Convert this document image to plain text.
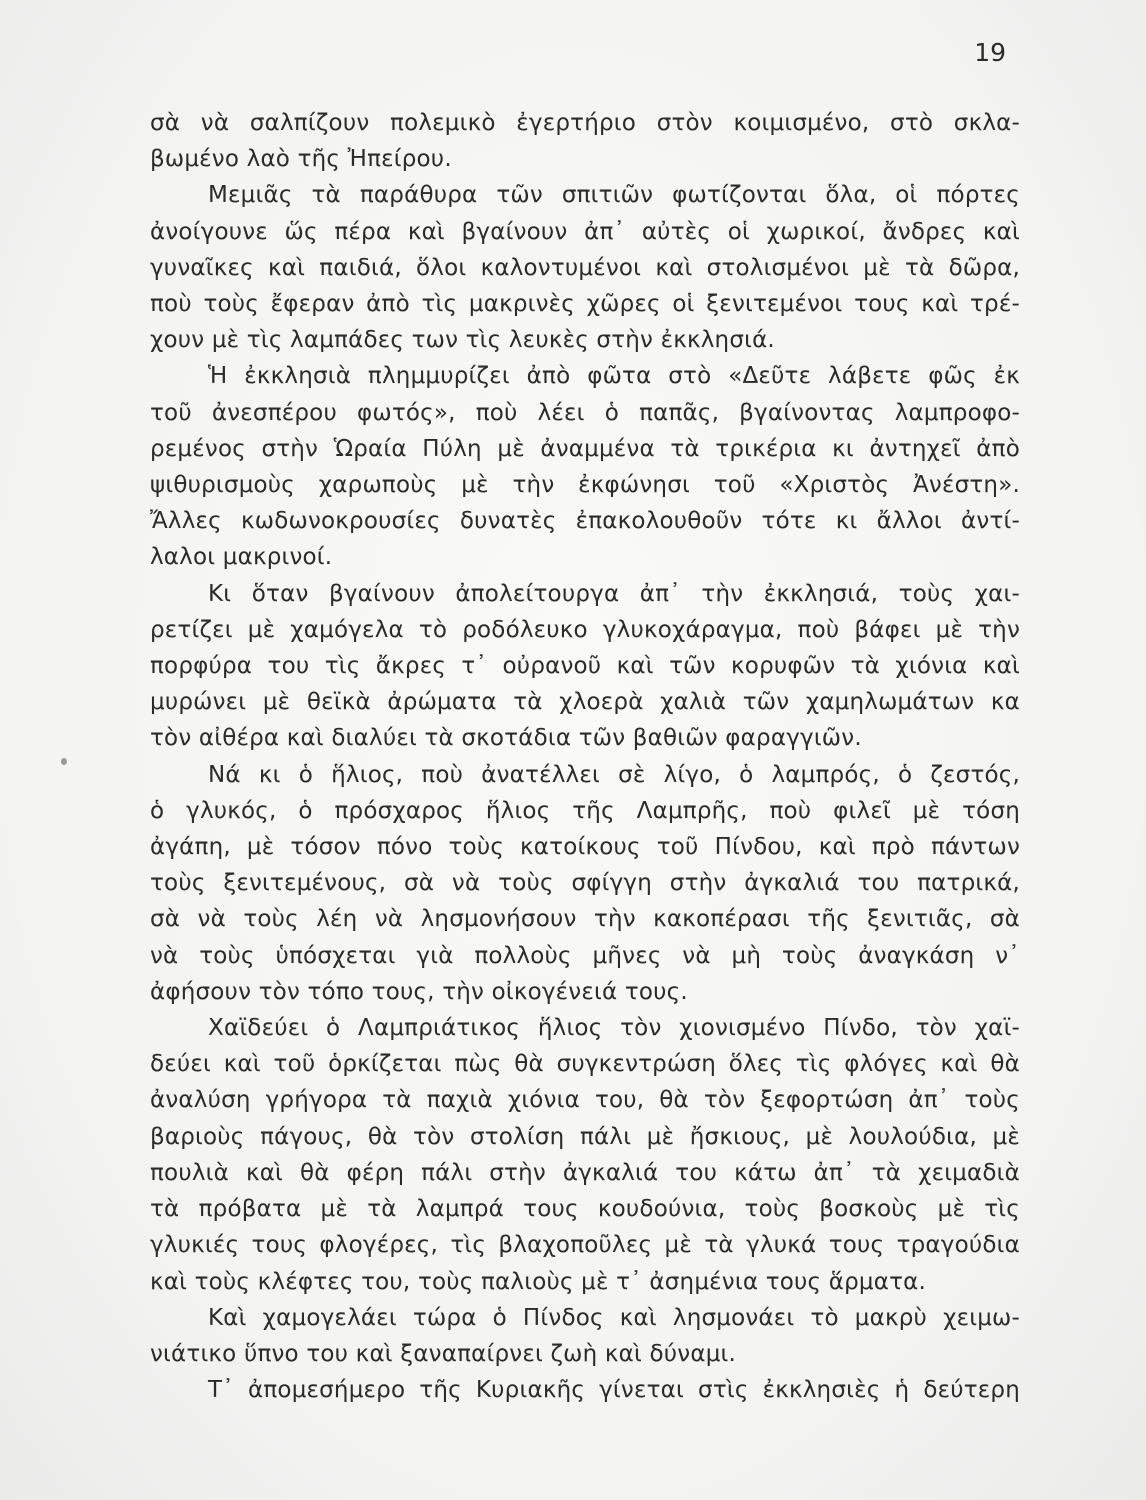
19
σὰ νὰ σαλπίζουν πολεμικὸ ἐγερτήριο στὸν κοιμισμένο, στὸ σκλα-
βωμένο λαὸ τῆς Ἠπείρου.
Μεμιᾶς τὰ παράθυρα τῶν σπιτιῶν φωτίζονται ὅλα, οἱ πόρτες
ἀνοίγουνε ὥς πέρα καὶ βγαίνουν ἀπ᾽ αὐτὲς οἱ χωρικοί, ἄνδρες καὶ
γυναῖκες καὶ παιδιά, ὅλοι καλοντυμένοι καὶ στολισμένοι μὲ τὰ δῶρα,
ποὺ τοὺς ἔφεραν ἀπὸ τὶς μακρινὲς χῶρες οἱ ξενιτεμένοι τους καὶ τρέ-
χουν μὲ τὶς λαμπάδες των τὶς λευκὲς στὴν ἐκκλησιά.
Ἡ ἐκκλησιὰ πλημμυρίζει ἀπὸ φῶτα στὸ «Δεῦτε λάβετε φῶς ἐκ
τοῦ ἀνεσπέρου φωτός», ποὺ λέει ὁ παπᾶς, βγαίνοντας λαμπροφο-
ρεμένος στὴν Ὡραία Πύλη μὲ ἀναμμένα τὰ τρικέρια κι ἀντηχεῖ ἀπὸ
ψιθυρισμοὺς χαρωποὺς μὲ τὴν ἐκφώνησι τοῦ «Χριστὸς Ἀνέστη».
Ἄλλες κωδωνοκρουσίες δυνατὲς ἐπακολουθοῦν τότε κι ἄλλοι ἀντί-
λαλοι μακρινοί.
Κι ὅταν βγαίνουν ἀπολείτουργα ἀπ᾽ τὴν ἐκκλησιά, τοὺς χαι-
ρετίζει μὲ χαμόγελα τὸ ροδόλευκο γλυκοχάραγμα, ποὺ βάφει μὲ τὴν
πορφύρα του τὶς ἄκρες τ᾽ οὐρανοῦ καὶ τῶν κορυφῶν τὰ χιόνια καὶ
μυρώνει μὲ θεϊκὰ ἀρώματα τὰ χλοερὰ χαλιὰ τῶν χαμηλωμάτων κα
τὸν αἰθέρα καὶ διαλύει τὰ σκοτάδια τῶν βαθιῶν φαραγγιῶν.
Νά κι ὁ ἥλιος, ποὺ ἀνατέλλει σὲ λίγο, ὁ λαμπρός, ὁ ζεστός,
ὁ γλυκός, ὁ πρόσχαρος ἥλιος τῆς Λαμπρῆς, ποὺ φιλεῖ μὲ τόση
ἀγάπη, μὲ τόσον πόνο τοὺς κατοίκους τοῦ Πίνδου, καὶ πρὸ πάντων
τοὺς ξενιτεμένους, σὰ νὰ τοὺς σφίγγη στὴν ἀγκαλιά του πατρικά,
σὰ νὰ τοὺς λέη νὰ λησμονήσουν τὴν κακοπέρασι τῆς ξενιτιᾶς, σὰ
νὰ τοὺς ὑπόσχεται γιὰ πολλοὺς μῆνες νὰ μὴ τοὺς ἀναγκάση ν᾽
ἀφήσουν τὸν τόπο τους, τὴν οἰκογένειά τους.
Χαϊδεύει ὁ Λαμπριάτικος ἥλιος τὸν χιονισμένο Πίνδο, τὸν χαϊ-
δεύει καὶ τοῦ ὁρκίζεται πὼς θὰ συγκεντρώση ὅλες τὶς φλόγες καὶ θὰ
ἀναλύση γρήγορα τὰ παχιὰ χιόνια του, θὰ τὸν ξεφορτώση ἀπ᾽ τοὺς
βαριοὺς πάγους, θὰ τὸν στολίση πάλι μὲ ἤσκιους, μὲ λουλούδια, μὲ
πουλιὰ καὶ θὰ φέρη πάλι στὴν ἀγκαλιά του κάτω ἀπ᾽ τὰ χειμαδιὰ
τὰ πρόβατα μὲ τὰ λαμπρά τους κουδούνια, τοὺς βοσκοὺς μὲ τὶς
γλυκιές τους φλογέρες, τὶς βλαχοποῦλες μὲ τὰ γλυκά τους τραγούδια
καὶ τοὺς κλέφτες του, τοὺς παλιοὺς μὲ τ᾽ ἀσημένια τους ἅρματα.
Καὶ χαμογελάει τώρα ὁ Πίνδος καὶ λησμονάει τὸ μακρὺ χειμω-
νιάτικο ὕπνο του καὶ ξαναπαίρνει ζωὴ καὶ δύναμι.
Τ᾽ ἀπομεσήμερο τῆς Κυριακῆς γίνεται στὶς ἐκκλησιὲς ἡ δεύτερη
